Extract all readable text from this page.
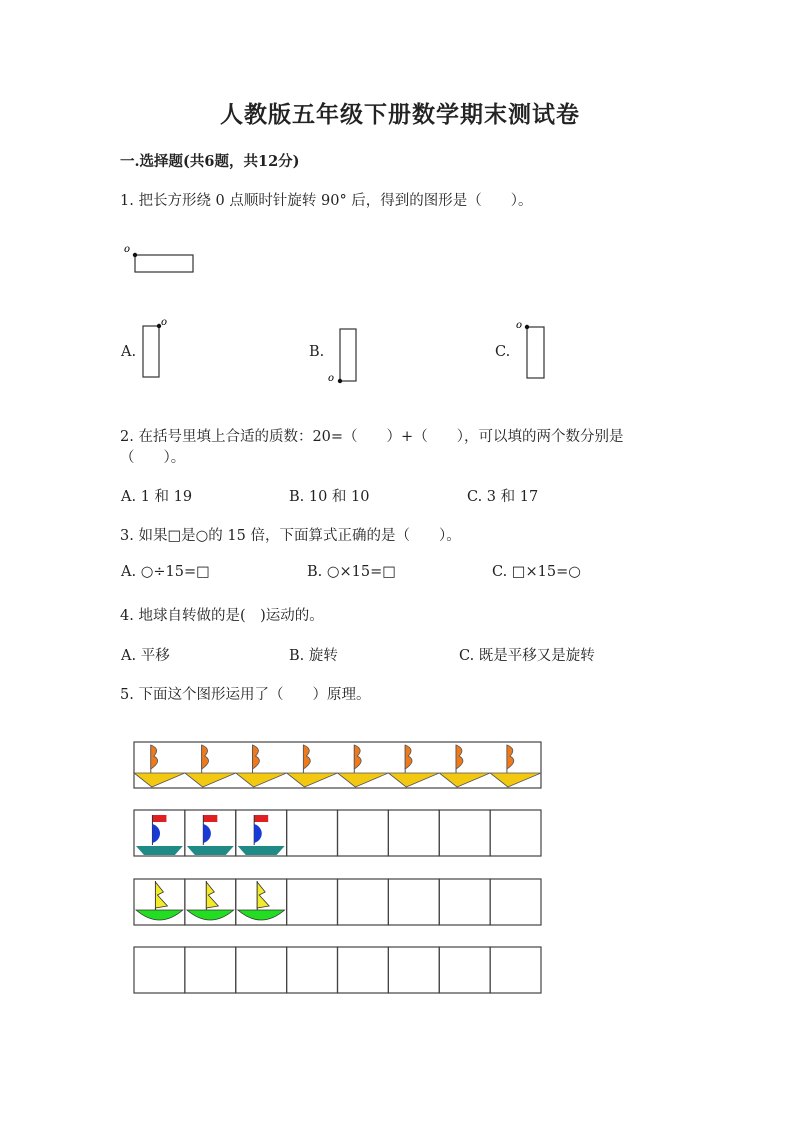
人教版五年级下册数学期末测试卷
一.选择题(共6题，共12分)
1. 把长方形绕 0 点顺时针旋转 90° 后，得到的图形是（　　）。
o
A.
o
B.
o
C.
o
2. 在括号里填上合适的质数：20=（　　）+（　　），可以填的两个数分别是
（　　）。
A. 1 和 19	B. 10 和 10	C. 3 和 17
3. 如果□是○的 15 倍，下面算式正确的是（　　）。
A. ○÷15=□	B. ○×15=□	C. □×15=○
4. 地球自转做的是(　)运动的。
A. 平移	B. 旋转	C. 既是平移又是旋转
5. 下面这个图形运用了（　　）原理。
